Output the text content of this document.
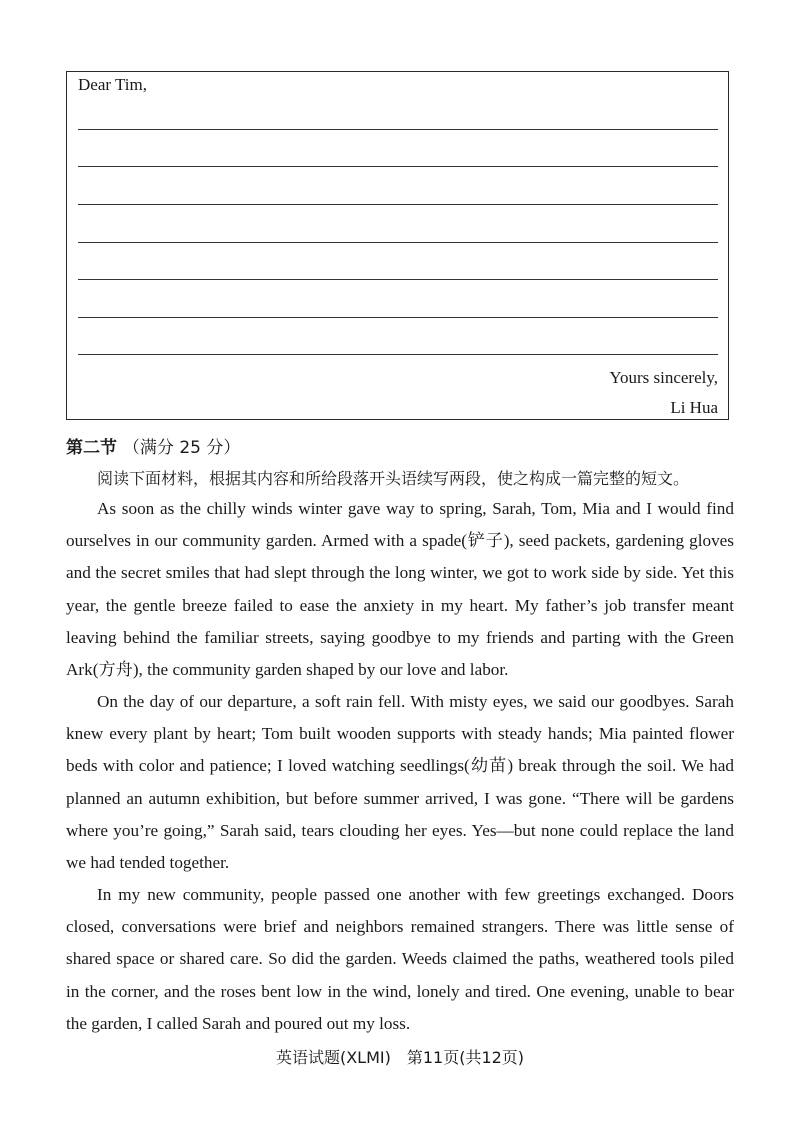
Dear Tim,
Yours sincerely,
Li Hua
第二节 （满分 25 分）
阅读下面材料，根据其内容和所给段落开头语续写两段，使之构成一篇完整的短文。

As soon as the chilly winds winter gave way to spring, Sarah, Tom, Mia and I would find ourselves in our community garden. Armed with a spade(铲子), seed packets, gardening gloves and the secret smiles that had slept through the long winter, we got to work side by side. Yet this year, the gentle breeze failed to ease the anxiety in my heart. My father’s job transfer meant leaving behind the familiar streets, saying goodbye to my friends and parting with the Green Ark(方舟), the community garden shaped by our love and labor.

On the day of our departure, a soft rain fell. With misty eyes, we said our goodbyes. Sarah knew every plant by heart; Tom built wooden supports with steady hands; Mia painted flower beds with color and patience; I loved watching seedlings(幼苗) break through the soil. We had planned an autumn exhibition, but before summer arrived, I was gone. “There will be gardens where you’re going,” Sarah said, tears clouding her eyes. Yes—but none could replace the land we had tended together.

In my new community, people passed one another with few greetings exchanged. Doors closed, conversations were brief and neighbors remained strangers. There was little sense of shared space or shared care. So did the garden. Weeds claimed the paths, weathered tools piled in the corner, and the roses bent low in the wind, lonely and tired. One evening, unable to bear the garden, I called Sarah and poured out my loss.

英语试题(XLMI)　第11页(共12页)
